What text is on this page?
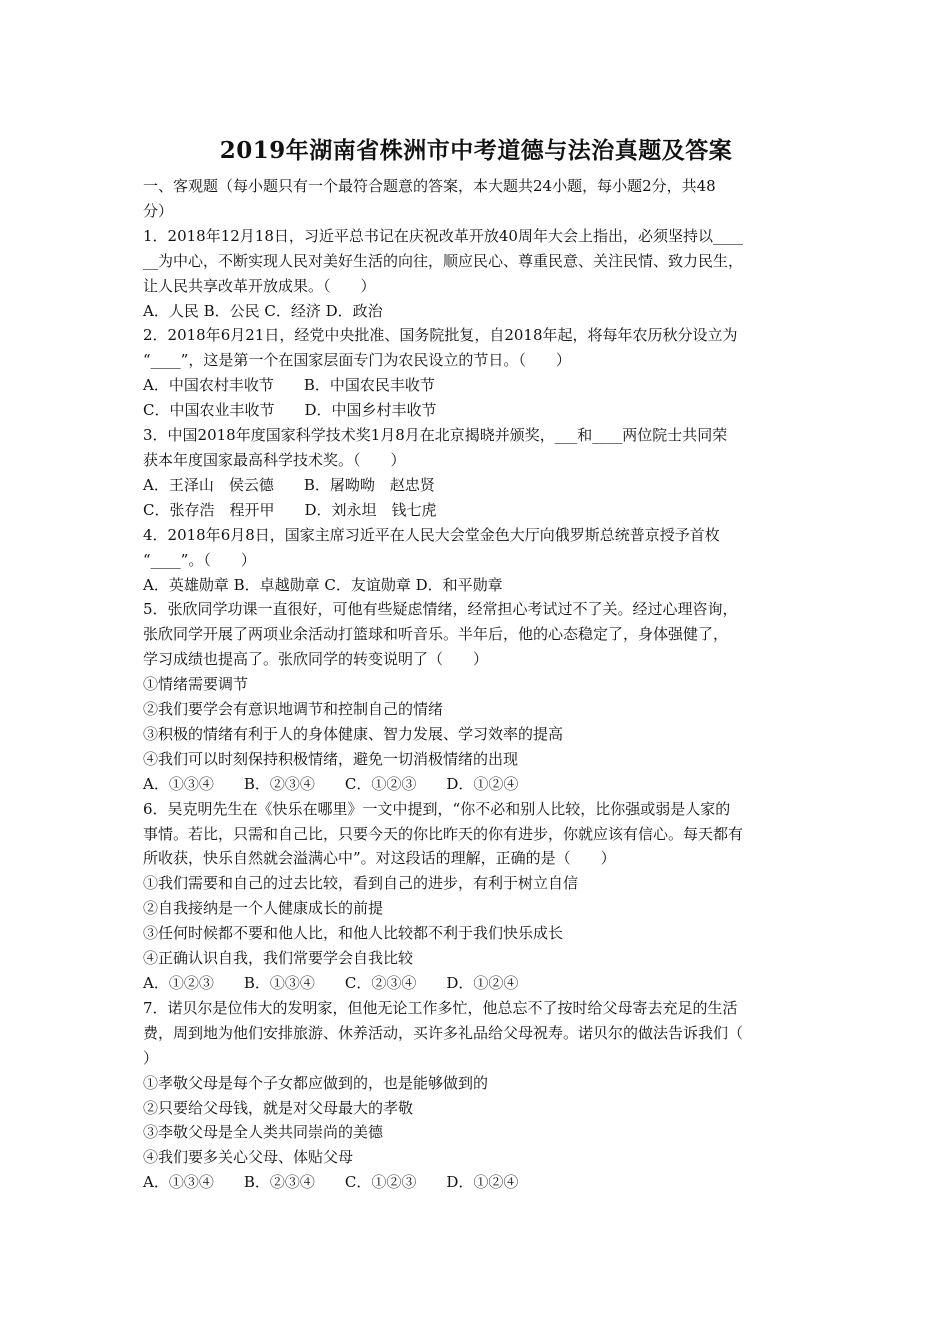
2019年湖南省株洲市中考道德与法治真题及答案

一、客观题（每小题只有一个最符合题意的答案，本大题共24小题，每小题2分，共48

分）

1．2018年12月18日，习近平总书记在庆祝改革开放40周年大会上指出，必须坚持以____

__为中心，不断实现人民对美好生活的向往，顺应民心、尊重民意、关注民情、致力民生，

让人民共享改革开放成果。（　　）

A．人民 B．公民 C．经济 D．政治

2．2018年6月21日，经党中央批准、国务院批复，自2018年起，将每年农历秋分设立为

“____”，这是第一个在国家层面专门为农民设立的节日。（　　）

A．中国农村丰收节　　B．中国农民丰收节

C．中国农业丰收节　　D．中国乡村丰收节

3．中国2018年度国家科学技术奖1月8月在北京揭晓并颁奖，___和____两位院士共同荣

获本年度国家最高科学技术奖。（　　）

A．王泽山　侯云德　　B．屠呦呦　赵忠贤

C．张存浩　程开甲　　D．刘永坦　钱七虎

4．2018年6月8日，国家主席习近平在人民大会堂金色大厅向俄罗斯总统普京授予首枚

“____”。（　　）

A．英雄勋章 B．卓越勋章 C．友谊勋章 D．和平勋章

5．张欣同学功课一直很好，可他有些疑虑情绪，经常担心考试过不了关。经过心理咨询，

张欣同学开展了两项业余活动打篮球和听音乐。半年后，他的心态稳定了，身体强健了，

学习成绩也提高了。张欣同学的转变说明了（　　）

①情绪需要调节

②我们要学会有意识地调节和控制自己的情绪

③积极的情绪有利于人的身体健康、智力发展、学习效率的提高

④我们可以时刻保持积极情绪，避免一切消极情绪的出现

A．①③④　　B．②③④　　C．①②③　　D．①②④

6．吴克明先生在《快乐在哪里》一文中提到，“你不必和别人比较，比你强或弱是人家的

事情。若比，只需和自己比，只要今天的你比昨天的你有进步，你就应该有信心。每天都有

所收获，快乐自然就会溢满心中”。对这段话的理解，正确的是（　　）

①我们需要和自己的过去比较，看到自己的进步，有利于树立自信

②自我接纳是一个人健康成长的前提

③任何时候都不要和他人比，和他人比较都不利于我们快乐成长

④正确认识自我，我们常要学会自我比较

A．①②③　　B．①③④　　C．②③④　　D．①②④

7．诺贝尔是位伟大的发明家，但他无论工作多忙，他总忘不了按时给父母寄去充足的生活

费，周到地为他们安排旅游、休养活动，买许多礼品给父母祝寿。诺贝尔的做法告诉我们（

）

①孝敬父母是每个子女都应做到的，也是能够做到的

②只要给父母钱，就是对父母最大的孝敬

③李敬父母是全人类共同崇尚的美德

④我们要多关心父母、体贴父母

A．①③④　　B．②③④　　C．①②③　　D．①②④
